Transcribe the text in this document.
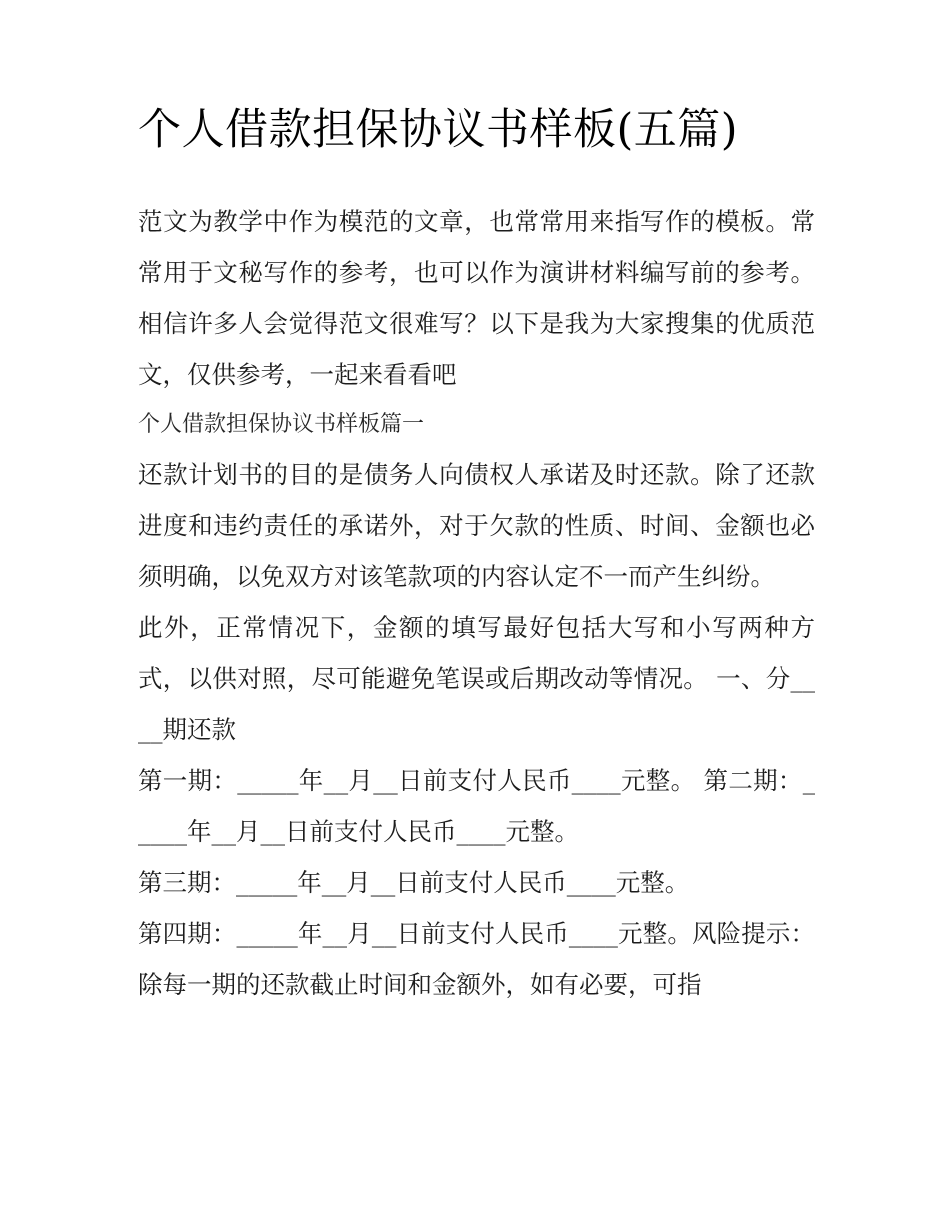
个人借款担保协议书样板(五篇)

范文为教学中作为模范的文章，也常常用来指写作的模板。常常用于文秘写作的参考，也可以作为演讲材料编写前的参考。相信许多人会觉得范文很难写？以下是我为大家搜集的优质范文，仅供参考，一起来看看吧

个人借款担保协议书样板篇一

还款计划书的目的是债务人向债权人承诺及时还款。除了还款进度和违约责任的承诺外，对于欠款的性质、时间、金额也必须明确，以免双方对该笔款项的内容认定不一而产生纠纷。

此外，正常情况下，金额的填写最好包括大写和小写两种方式，以供对照，尽可能避免笔误或后期改动等情况。 一、分____期还款

第一期：_____年__月__日前支付人民币____元整。 第二期：_____年__月__日前支付人民币____元整。

第三期：_____年__月__日前支付人民币____元整。

第四期：_____年__月__日前支付人民币____元整。风险提示： 除每一期的还款截止时间和金额外，如有必要，可指
